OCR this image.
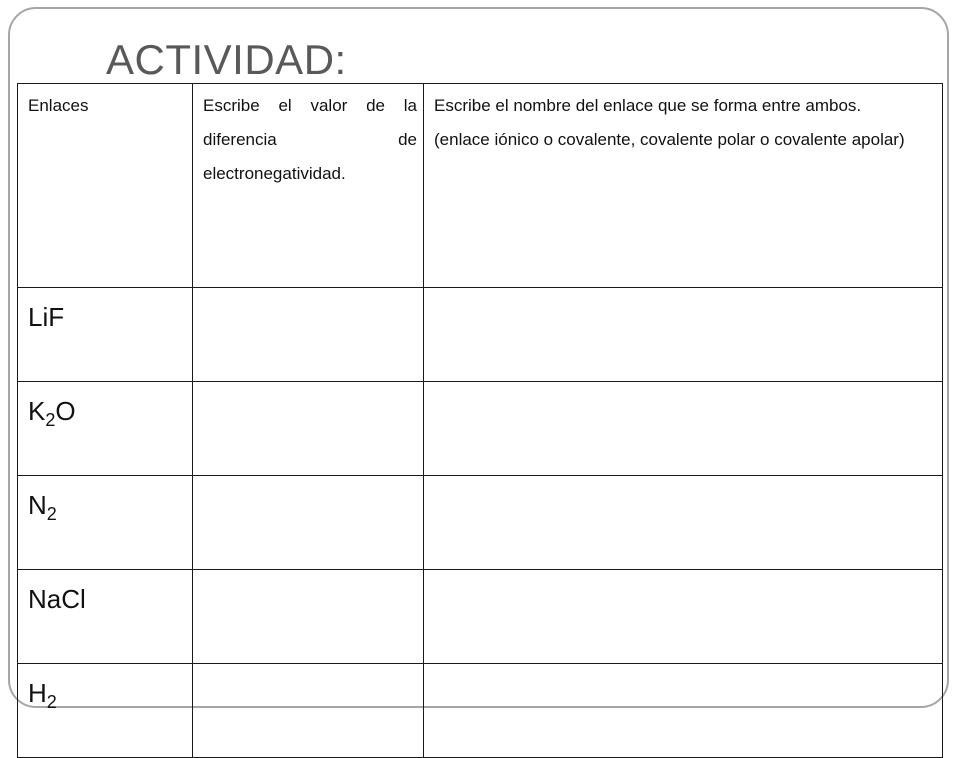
ACTIVIDAD:
Enlaces	Escribe el valor de la diferencia de electronegatividad.	Escribe el nombre del enlace que se forma entre ambos.

(enlace iónico o covalente, covalente polar o covalente apolar)

LiF		
$K_2O$		
$N_2$		
NaCl		
$H_2$		
